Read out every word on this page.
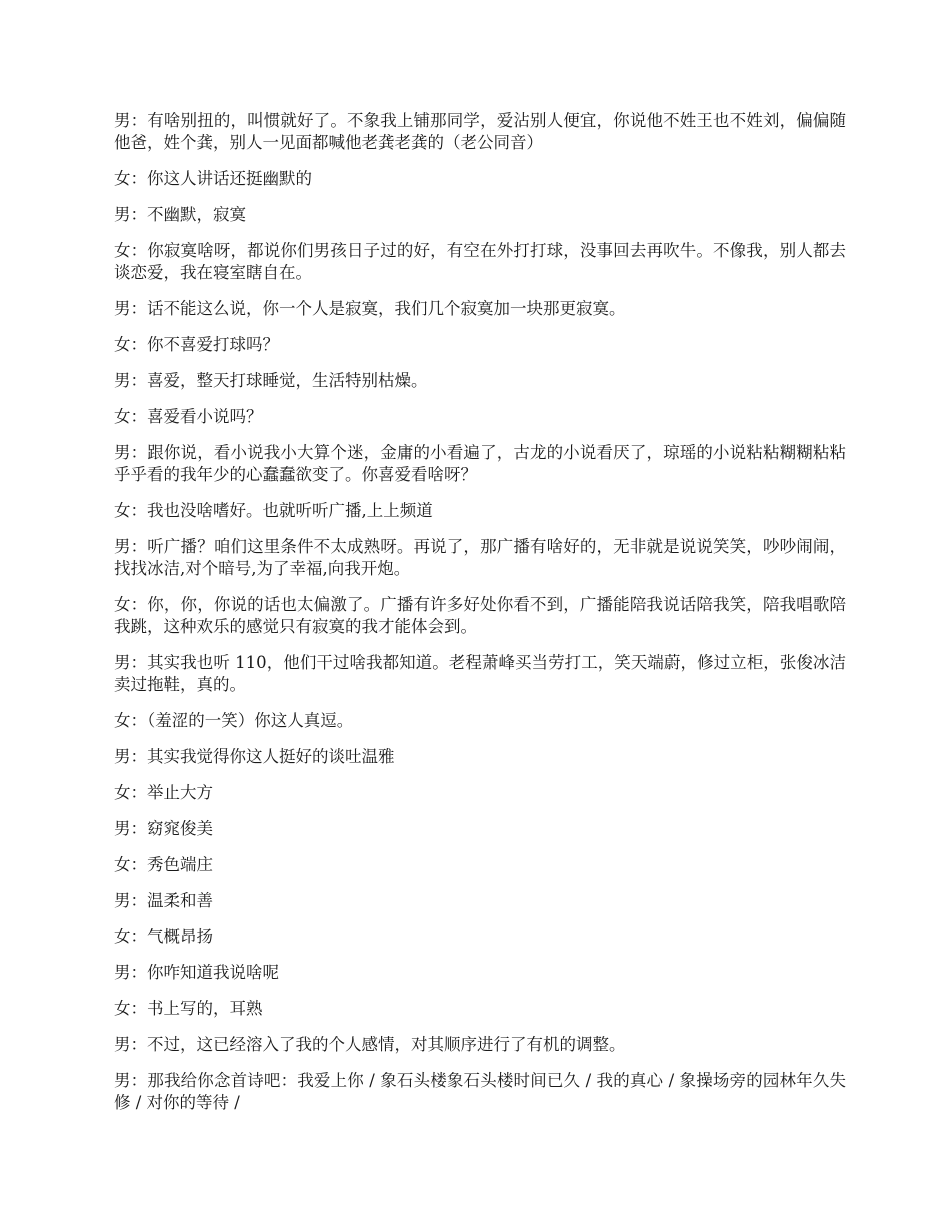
男：有啥别扭的，叫惯就好了。不象我上铺那同学，爱沾别人便宜，你说他不姓王也不姓刘，偏偏随他爸，姓个龚，别人一见面都喊他老龚老龚的（老公同音）

女：你这人讲话还挺幽默的

男：不幽默，寂寞

女：你寂寞啥呀，都说你们男孩日子过的好，有空在外打打球，没事回去再吹牛。不像我，别人都去谈恋爱，我在寝室瞎自在。

男：话不能这么说，你一个人是寂寞，我们几个寂寞加一块那更寂寞。

女：你不喜爱打球吗？

男：喜爱，整天打球睡觉，生活特别枯燥。

女：喜爱看小说吗？

男：跟你说，看小说我小大算个迷，金庸的小看遍了，古龙的小说看厌了，琼瑶的小说粘粘糊糊粘粘乎乎看的我年少的心蠢蠢欲变了。你喜爱看啥呀？

女：我也没啥嗜好。也就听听广播,上上频道

男：听广播？咱们这里条件不太成熟呀。再说了，那广播有啥好的，无非就是说说笑笑，吵吵闹闹，找找冰洁,对个暗号,为了幸福,向我开炮。

女：你，你，你说的话也太偏激了。广播有许多好处你看不到，广播能陪我说话陪我笑，陪我唱歌陪我跳，这种欢乐的感觉只有寂寞的我才能体会到。

男：其实我也听 110，他们干过啥我都知道。老程萧峰买当劳打工，笑天端蔚，修过立柜，张俊冰洁卖过拖鞋，真的。

女：（羞涩的一笑）你这人真逗。

男：其实我觉得你这人挺好的谈吐温雅

女：举止大方

男：窈窕俊美

女：秀色端庄

男：温柔和善

女：气概昂扬

男：你咋知道我说啥呢

女：书上写的，耳熟

男：不过，这已经溶入了我的个人感情，对其顺序进行了有机的调整。

男：那我给你念首诗吧：我爱上你 / 象石头楼象石头楼时间已久 / 我的真心 / 象操场旁的园林年久失修 / 对你的等待 /
